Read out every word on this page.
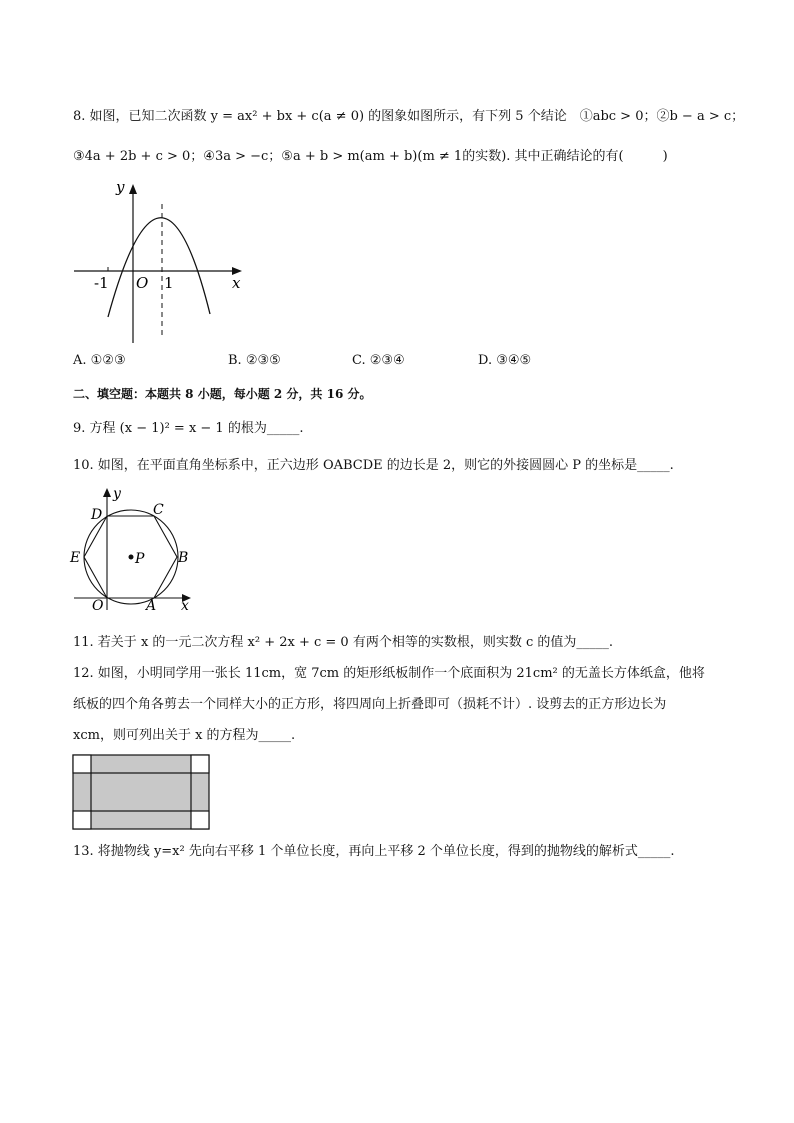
8. 如图，已知二次函数 y = ax² + bx + c(a ≠ 0) 的图象如图所示，有下列 5 个结论　①abc > 0；②b − a > c；
③4a + 2b + c > 0；④3a > −c；⑤a + b > m(am + b)(m ≠ 1的实数). 其中正确结论的有(　　　)
y
x
O
-1	1
A. ①②③	B. ②③⑤	C. ②③④	D. ③④⑤
二、填空题：本题共 8 小题，每小题 2 分，共 16 分。
9. 方程 (x − 1)² = x − 1 的根为_____.
10. 如图，在平面直角坐标系中，正六边形 OABCDE 的边长是 2，则它的外接圆圆心 P 的坐标是_____.
y
x
O	A
B
C
D
E	P
11. 若关于 x 的一元二次方程 x² + 2x + c = 0 有两个相等的实数根，则实数 c 的值为_____.
12. 如图，小明同学用一张长 11cm，宽 7cm 的矩形纸板制作一个底面积为 21cm² 的无盖长方体纸盒，他将
纸板的四个角各剪去一个同样大小的正方形，将四周向上折叠即可（损耗不计）. 设剪去的正方形边长为
xcm，则可列出关于 x 的方程为_____.
13. 将抛物线 y=x² 先向右平移 1 个单位长度，再向上平移 2 个单位长度，得到的抛物线的解析式_____.
